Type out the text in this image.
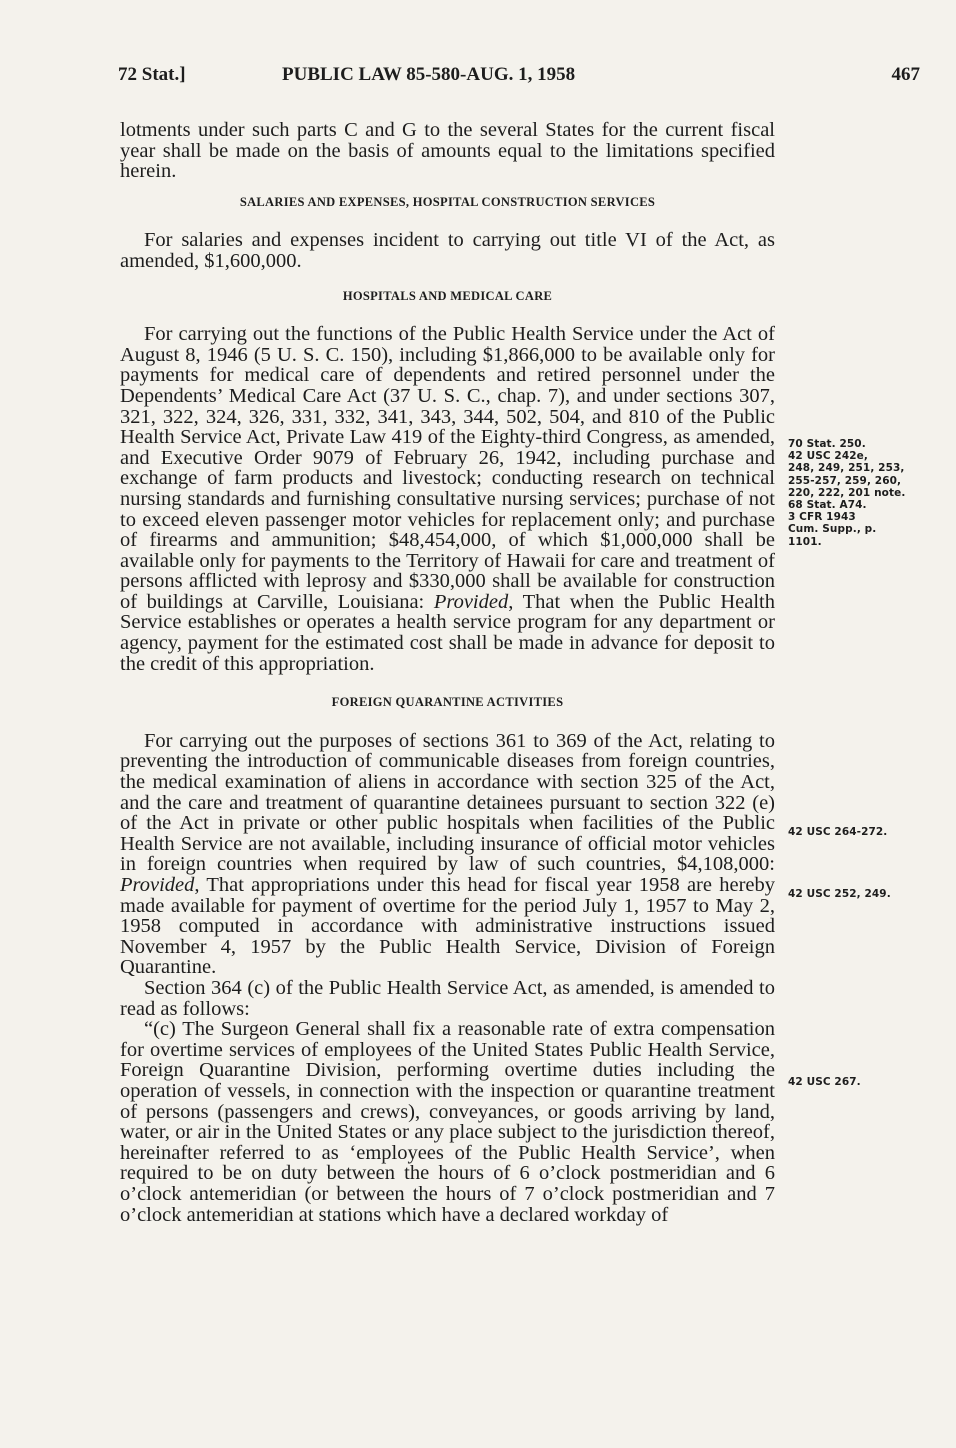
72 Stat.]	PUBLIC LAW 85-580-AUG. 1, 1958	467

lotments under such parts C and G to the several States for the current fiscal year shall be made on the basis of amounts equal to the limitations specified herein.

SALARIES AND EXPENSES, HOSPITAL CONSTRUCTION SERVICES

For salaries and expenses incident to carrying out title VI of the Act, as amended, $1,600,000.

HOSPITALS AND MEDICAL CARE

For carrying out the functions of the Public Health Service under the Act of August 8, 1946 (5 U. S. C. 150), including $1,866,000 to be available only for payments for medical care of dependents and retired personnel under the Dependents’ Medical Care Act (37 U. S. C., chap. 7), and under sections 307, 321, 322, 324, 326, 331, 332, 341, 343, 344, 502, 504, and 810 of the Public Health Service Act, Private Law 419 of the Eighty-third Congress, as amended, and Executive Order 9079 of February 26, 1942, including purchase and exchange of farm products and livestock; conducting research on technical nursing standards and furnishing consultative nursing services; purchase of not to exceed eleven passenger motor vehicles for replacement only; and purchase of firearms and ammunition; $48,454,000, of which $1,000,000 shall be available only for payments to the Territory of Hawaii for care and treatment of persons afflicted with leprosy and $330,000 shall be available for construction of buildings at Carville, Louisiana: Provided, That when the Public Health Service establishes or operates a health service program for any department or agency, payment for the estimated cost shall be made in advance for deposit to the credit of this appropriation.

FOREIGN QUARANTINE ACTIVITIES

For carrying out the purposes of sections 361 to 369 of the Act, relating to preventing the introduction of communicable diseases from foreign countries, the medical examination of aliens in accordance with section 325 of the Act, and the care and treatment of quarantine detainees pursuant to section 322 (e) of the Act in private or other public hospitals when facilities of the Public Health Service are not available, including insurance of official motor vehicles in foreign countries when required by law of such countries, $4,108,000: Provided, That appropriations under this head for fiscal year 1958 are hereby made available for payment of overtime for the period July 1, 1957 to May 2, 1958 computed in accordance with administrative instructions issued November 4, 1957 by the Public Health Service, Division of Foreign Quarantine.

Section 364 (c) of the Public Health Service Act, as amended, is amended to read as follows:

“(c) The Surgeon General shall fix a reasonable rate of extra compensation for overtime services of employees of the United States Public Health Service, Foreign Quarantine Division, performing overtime duties including the operation of vessels, in connection with the inspection or quarantine treatment of persons (passengers and crews), conveyances, or goods arriving by land, water, or air in the United States or any place subject to the jurisdiction thereof, hereinafter referred to as ‘employees of the Public Health Service’, when required to be on duty between the hours of 6 o’clock postmeridian and 6 o’clock antemeridian (or between the hours of 7 o’clock postmeridian and 7 o’clock antemeridian at stations which have a declared workday of

70 Stat. 250.
42 USC 242e,
248, 249, 251, 253,
255-257, 259, 260,
220, 222, 201 note.
68 Stat. A74.
3 CFR 1943
Cum. Supp., p.
1101.
42 USC 264-272.
42 USC 252, 249.
42 USC 267.
